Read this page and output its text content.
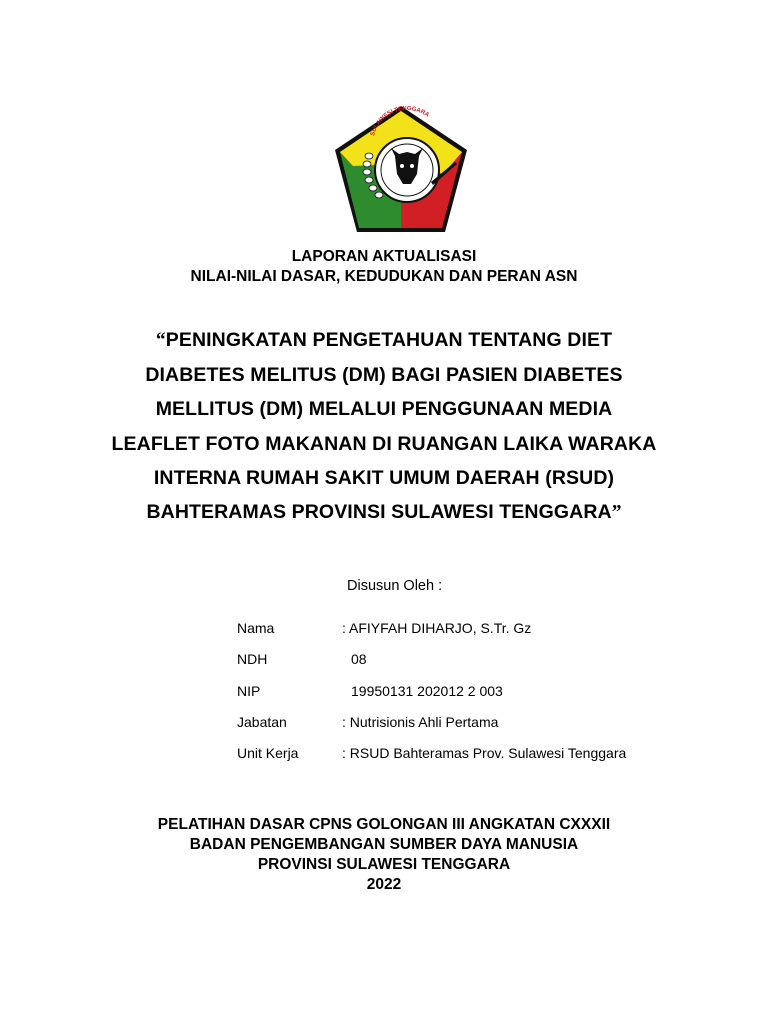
SULAWESI TENGGARA
LAPORAN AKTUALISASI
NILAI-NILAI DASAR, KEDUDUKAN DAN PERAN ASN
“PENINGKATAN PENGETAHUAN TENTANG DIET
DIABETES MELITUS (DM) BAGI PASIEN DIABETES
MELLITUS (DM) MELALUI PENGGUNAAN MEDIA
LEAFLET FOTO MAKANAN DI RUANGAN LAIKA WARAKA
INTERNA RUMAH SAKIT UMUM DAERAH (RSUD)
BAHTERAMAS PROVINSI SULAWESI TENGGARA”
Disusun Oleh :
Nama	: AFIYFAH DIHARJO, S.Tr. Gz
NDH	08
NIP	19950131 202012 2 003
Jabatan	: Nutrisionis Ahli Pertama
Unit Kerja	: RSUD Bahteramas Prov. Sulawesi Tenggara
PELATIHAN DASAR CPNS GOLONGAN III ANGKATAN CXXXII
BADAN PENGEMBANGAN SUMBER DAYA MANUSIA
PROVINSI SULAWESI TENGGARA
2022
